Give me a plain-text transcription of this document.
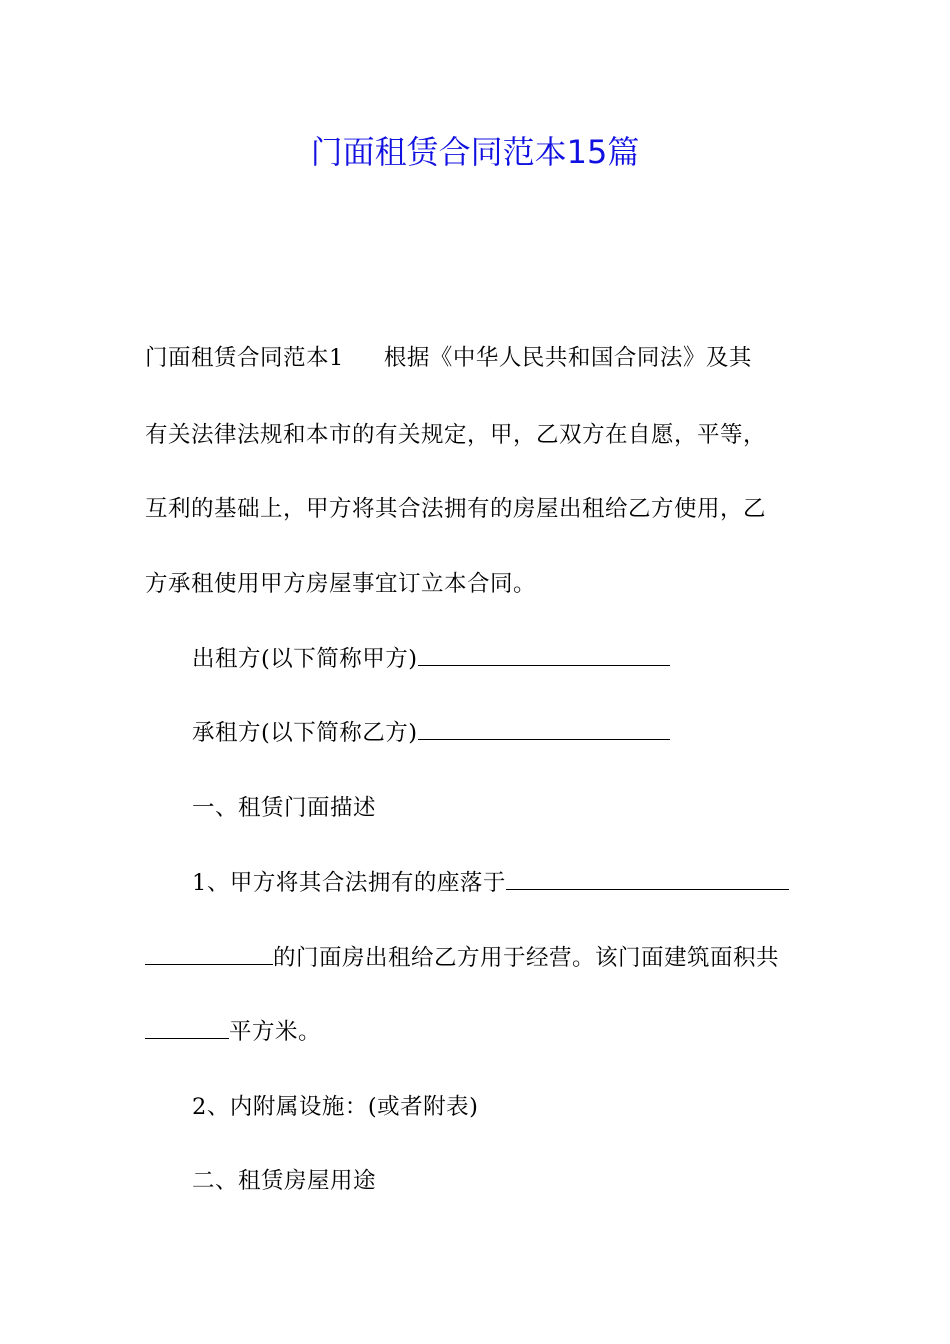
门面租赁合同范本15篇
门面租赁合同范本1 根据《中华人民共和国合同法》及其
有关法律法规和本市的有关规定，甲，乙双方在自愿，平等，
互利的基础上，甲方将其合法拥有的房屋出租给乙方使用，乙
方承租使用甲方房屋事宜订立本合同。
出租方(以下简称甲方)
承租方(以下简称乙方)
一、租赁门面描述
1、甲方将其合法拥有的座落于
的门面房出租给乙方用于经营。该门面建筑面积共
平方米。
2、内附属设施：(或者附表)
二、租赁房屋用途
